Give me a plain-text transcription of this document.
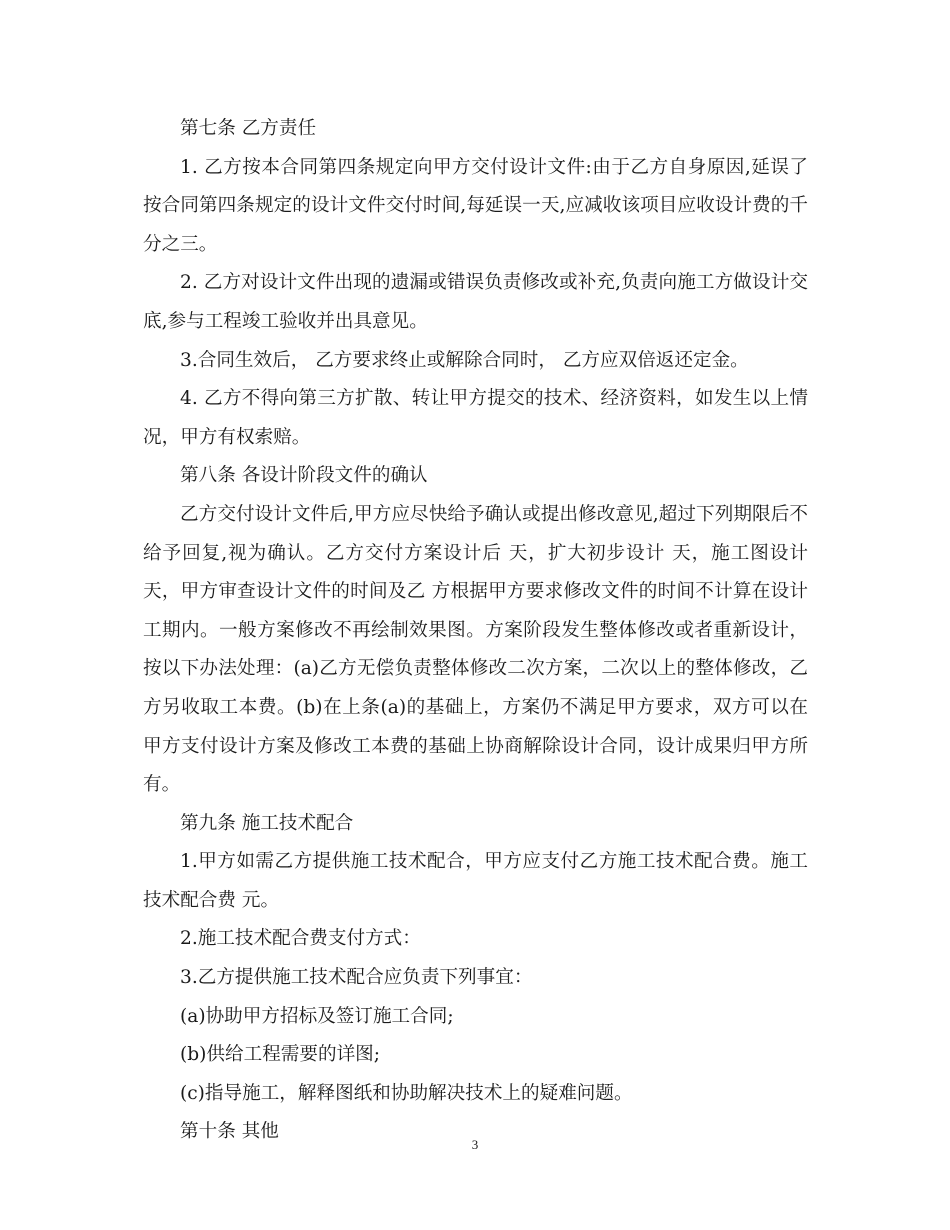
第七条 乙方责任

1. 乙方按本合同第四条规定向甲方交付设计文件:由于乙方自身原因,延误了按合同第四条规定的设计文件交付时间,每延误一天,应减收该项目应收设计费的千分之三。

2. 乙方对设计文件出现的遗漏或错误负责修改或补充,负责向施工方做设计交底,参与工程竣工验收并出具意见。

3.合同生效后， 乙方要求终止或解除合同时， 乙方应双倍返还定金。

4. 乙方不得向第三方扩散、转让甲方提交的技术、经济资料，如发生以上情况，甲方有权索赔。

第八条 各设计阶段文件的确认

乙方交付设计文件后,甲方应尽快给予确认或提出修改意见,超过下列期限后不给予回复,视为确认。乙方交付方案设计后 天，扩大初步设计 天，施工图设计 天，甲方审查设计文件的时间及乙 方根据甲方要求修改文件的时间不计算在设计工期内。一般方案修改不再绘制效果图。方案阶段发生整体修改或者重新设计，按以下办法处理：(a)乙方无偿负责整体修改二次方案，二次以上的整体修改，乙方另收取工本费。(b)在上条(a)的基础上，方案仍不满足甲方要求，双方可以在甲方支付设计方案及修改工本费的基础上协商解除设计合同，设计成果归甲方所有。

第九条 施工技术配合

1.甲方如需乙方提供施工技术配合，甲方应支付乙方施工技术配合费。施工技术配合费 元。

2.施工技术配合费支付方式：

3.乙方提供施工技术配合应负责下列事宜：

(a)协助甲方招标及签订施工合同;

(b)供给工程需要的详图;

(c)指导施工，解释图纸和协助解决技术上的疑难问题。

第十条 其他

3
